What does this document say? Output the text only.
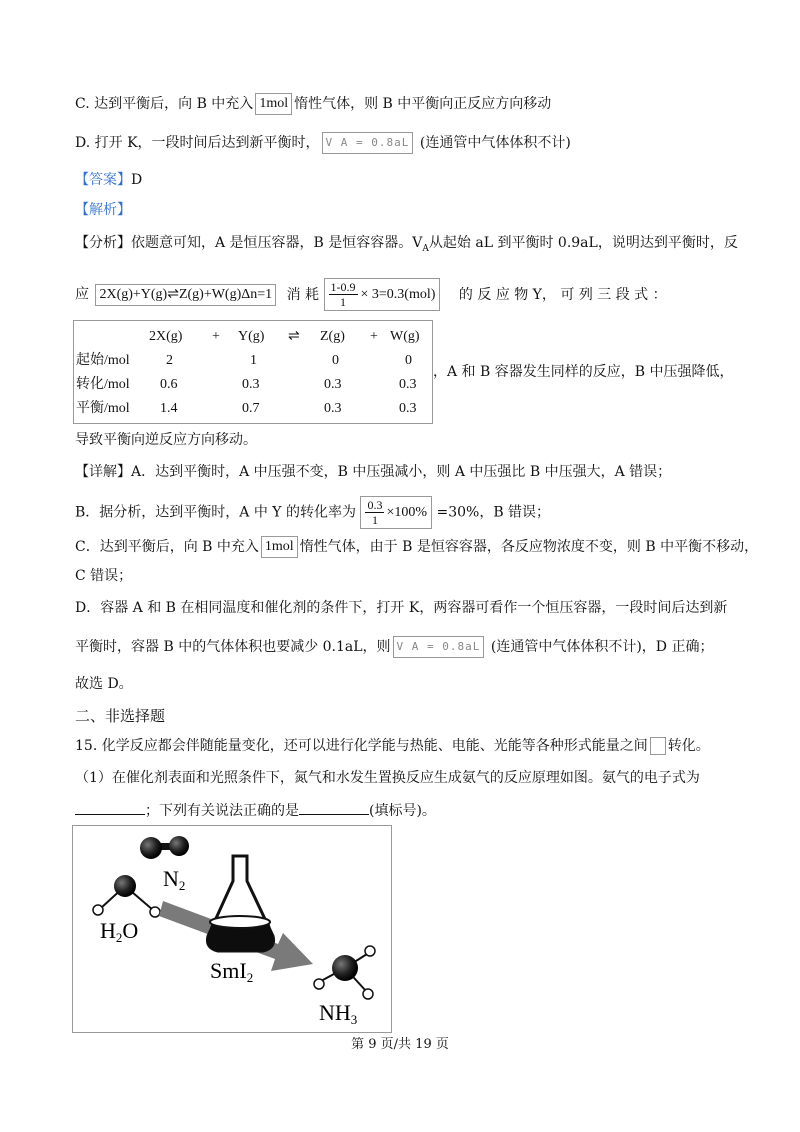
C. 达到平衡后，向 B 中充入 1mol 惰性气体，则 B 中平衡向正反应方向移动
D. 打开 K，一段时间后达到新平衡时， V A = 0.8aL (连通管中气体体积不计)
【答案】D
【解析】
【分析】依题意可知，A 是恒压容器，B 是恒容容器。$V_A$从起始 aL 到平衡时 0.9aL，说明达到平衡时，反
应 2X(g)+Y(g)⇌Z(g)+W(g)Δn=1 消 耗 $\frac{1-0.9}{1} \times 3=0.3(mol)$ 的 反 应 物 Y， 可 列 三 段 式 ：
2X(g) + Y(g) ⇌ Z(g) + W(g)
起始/mol	2	1	0	0
转化/mol 0.6	0.3	0.3	0.3
平衡/mol 1.4	0.7	0.3	0.3
，A 和 B 容器发生同样的反应，B 中压强降低，
导致平衡向逆反应方向移动。
【详解】A．达到平衡时，A 中压强不变，B 中压强减小，则 A 中压强比 B 中压强大，A 错误；
B．据分析，达到平衡时，A 中 Y 的转化率为 $\frac{0.3}{1} \times 100\% =30\%$，B 错误；
C．达到平衡后，向 B 中充入 1mol 惰性气体，由于 B 是恒容容器，各反应物浓度不变，则 B 中平衡不移动，
C 错误；
D．容器 A 和 B 在相同温度和催化剂的条件下，打开 K，两容器可看作一个恒压容器，一段时间后达到新
平衡时，容器 B 中的气体体积也要减少 0.1aL，则 V A = 0.8aL (连通管中气体体积不计)，D 正确；
故选 D。
二、非选择题
15. 化学反应都会伴随能量变化，还可以进行化学能与热能、电能、光能等各种形式能量之间 转化。
（1）在催化剂表面和光照条件下，氮气和水发生置换反应生成氨气的反应原理如图。氨气的电子式为
；下列有关说法正确的是	(填标号)。
N2
H2O
SmI2
NH3
第 9 页/共 19 页
